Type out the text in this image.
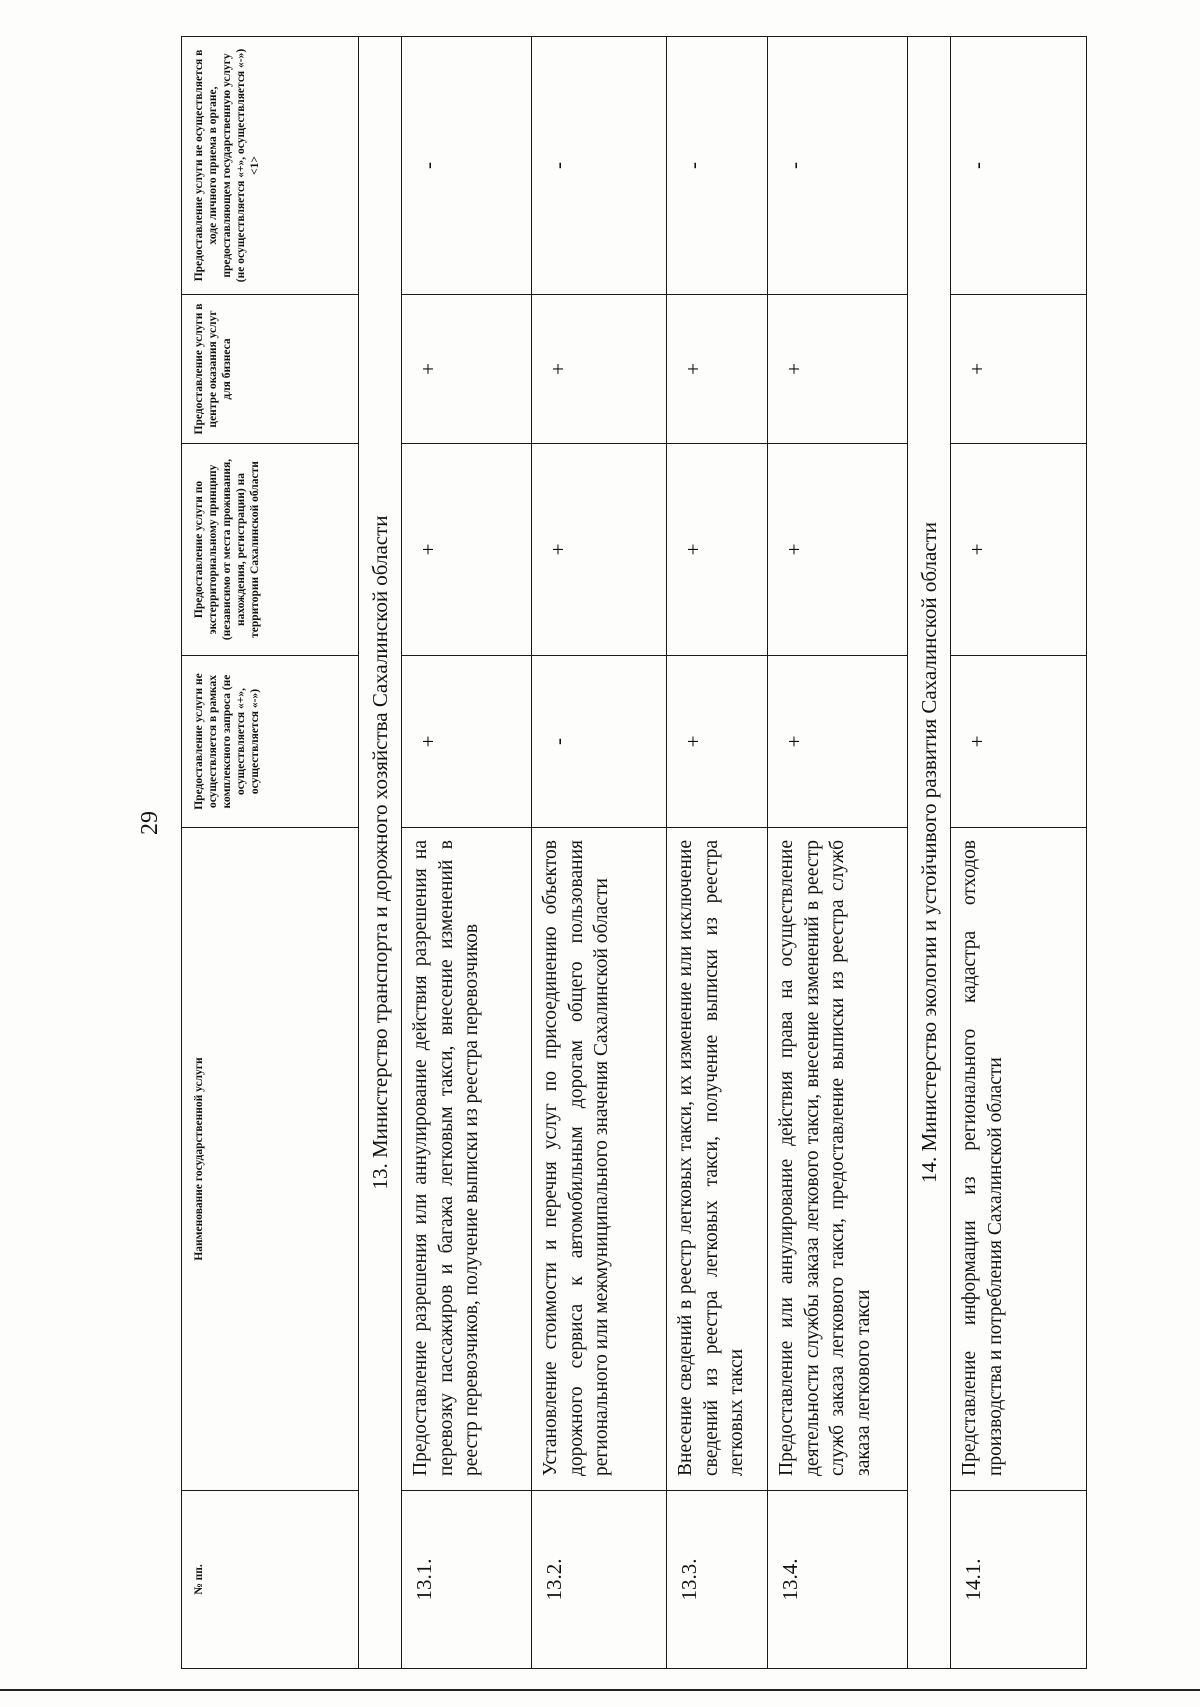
29
№ пп.	Наименование государственной услуги	Предоставление услуги не осуществляется в рамках комплексного запроса (не осуществляется «+», осуществляется «-»)	Предоставление услуги по экстерриториальному принципу (независимо от места проживания, нахождения, регистрации) на территории Сахалинской области	Предоставление услуги в центре оказания услуг для бизнеса	Предоставление услуги не осуществляется в ходе личного приема в органе, предоставляющем государственную услугу (не осуществляется «+», осуществляется «-») <1>
13. Министерство транспорта и дорожного хозяйства Сахалинской области					
13.1.	Предоставление разрешения или аннулирование действия разрешения на перевозку пассажиров и багажа легковым такси, внесение изменений в реестр перевозчиков, получение выписки из реестра перевозчиков	+	+	+	-
13.2.	Установление стоимости и перечня услуг по присоединению объектов дорожного сервиса к автомобильным дорогам общего пользования регионального или межмуниципального значения Сахалинской области	-	+	+	-
13.3.	Внесение сведений в реестр легковых такси, их изменение или исключение сведений из реестра легковых такси, получение выписки из реестра легковых такси	+	+	+	-
13.4.	Предоставление или аннулирование действия права на осуществление деятельности службы заказа легкового такси, внесение изменений в реестр служб заказа легкового такси, предоставление выписки из реестра служб заказа легкового такси	+	+	+	-
14. Министерство экологии и устойчивого развития Сахалинской области					
14.1.	Представление информации из регионального кадастра отходов производства и потребления Сахалинской области	+	+	+	-
